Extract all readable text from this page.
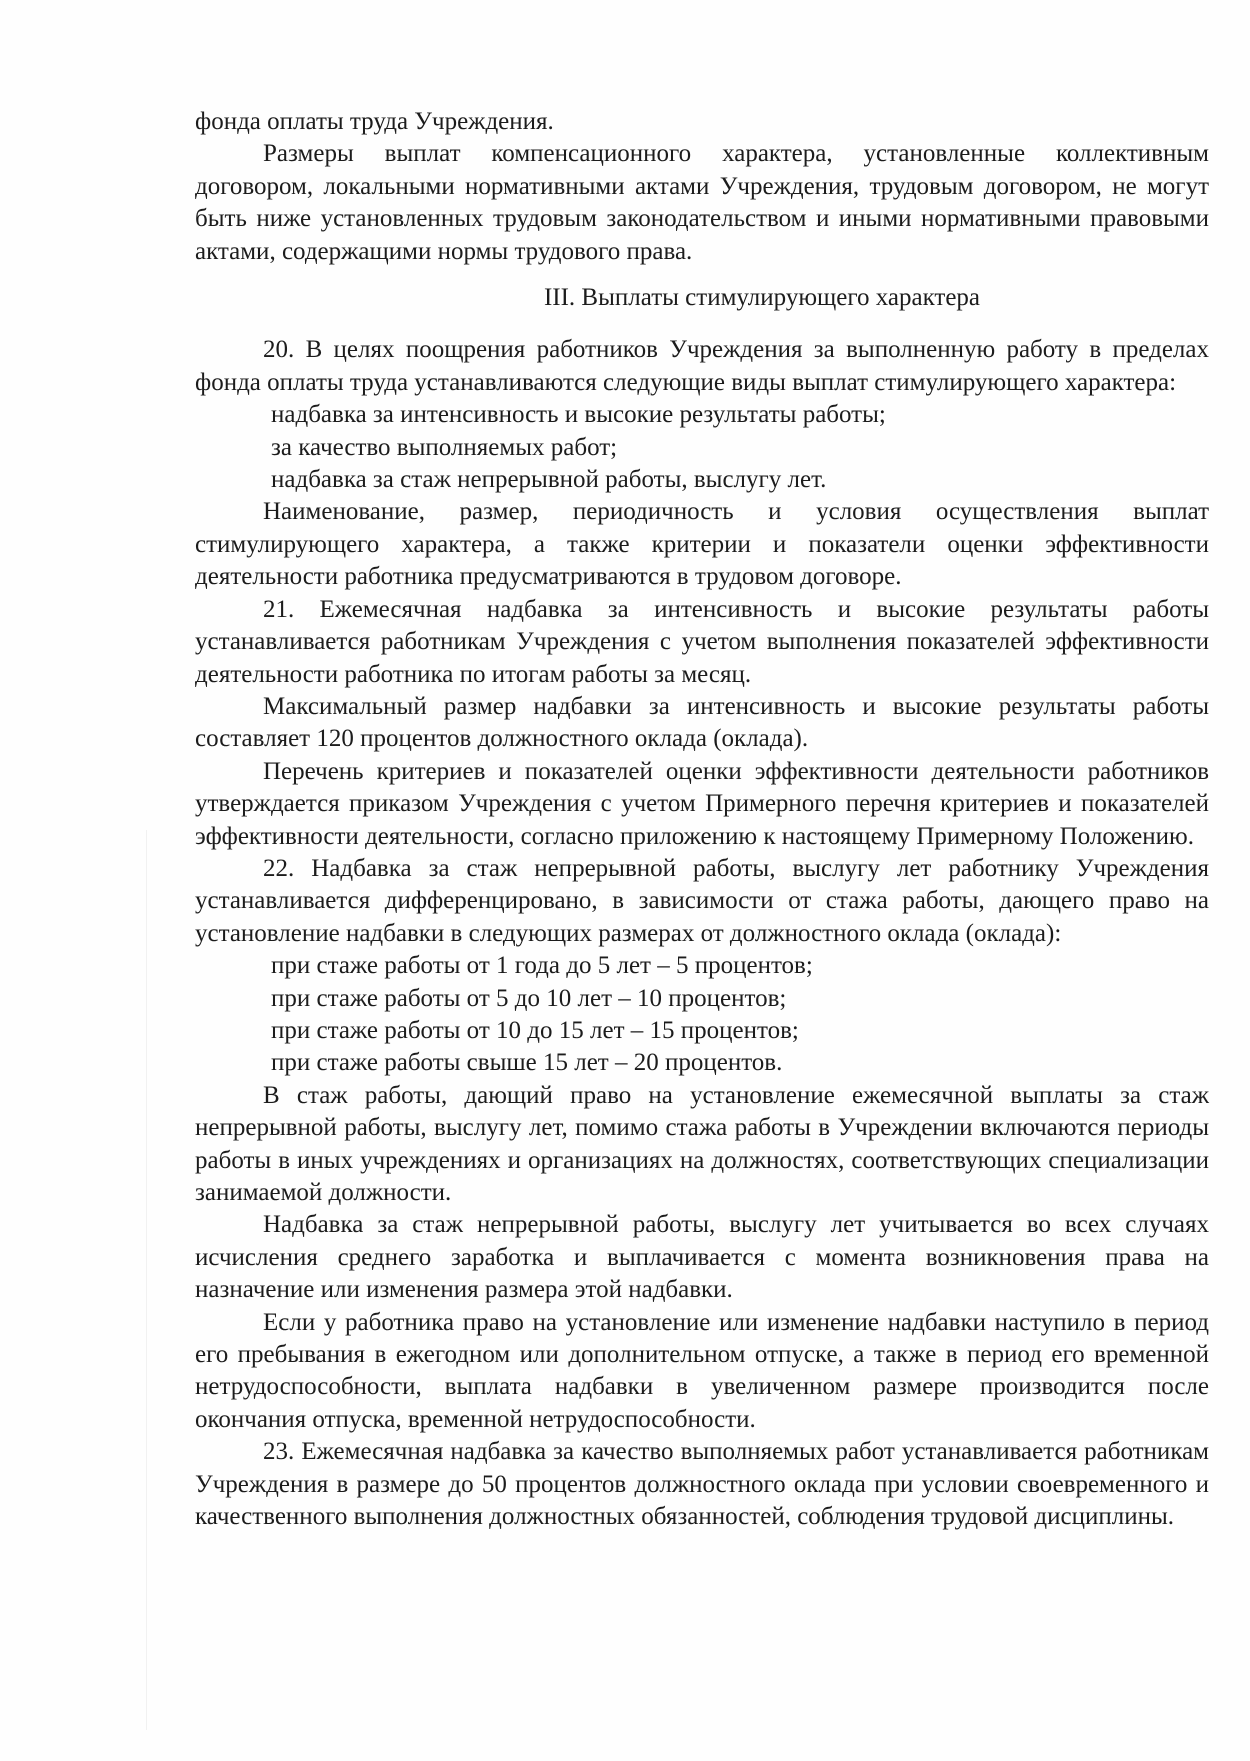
фонда оплаты труда Учреждения.

Размеры выплат компенсационного характера, установленные коллективным договором, локальными нормативными актами Учреждения, трудовым договором, не могут быть ниже установленных трудовым законодательством и иными нормативными правовыми актами, содержащими нормы трудового права.

III. Выплаты стимулирующего характера

20. В целях поощрения работников Учреждения за выполненную работу в пределах фонда оплаты труда устанавливаются следующие виды выплат стимулирующего характера:

надбавка за интенсивность и высокие результаты работы;

за качество выполняемых работ;

надбавка за стаж непрерывной работы, выслугу лет.

Наименование, размер, периодичность и условия осуществления выплат стимулирующего характера, а также критерии и показатели оценки эффективности деятельности работника предусматриваются в трудовом договоре.

21. Ежемесячная надбавка за интенсивность и высокие результаты работы устанавливается работникам Учреждения с учетом выполнения показателей эффективности деятельности работника по итогам работы за месяц.

Максимальный размер надбавки за интенсивность и высокие результаты работы составляет 120 процентов должностного оклада (оклада).

Перечень критериев и показателей оценки эффективности деятельности работников утверждается приказом Учреждения с учетом Примерного перечня критериев и показателей эффективности деятельности, согласно приложению к настоящему Примерному Положению.

22. Надбавка за стаж непрерывной работы, выслугу лет работнику Учреждения устанавливается дифференцировано, в зависимости от стажа работы, дающего право на установление надбавки в следующих размерах от должностного оклада (оклада):

при стаже работы от 1 года до 5 лет – 5 процентов;

при стаже работы от 5 до 10 лет – 10 процентов;

при стаже работы от 10 до 15 лет – 15 процентов;

при стаже работы свыше 15 лет – 20 процентов.

В стаж работы, дающий право на установление ежемесячной выплаты за стаж непрерывной работы, выслугу лет, помимо стажа работы в Учреждении включаются периоды работы в иных учреждениях и организациях на должностях, соответствующих специализации занимаемой должности.

Надбавка за стаж непрерывной работы, выслугу лет учитывается во всех случаях исчисления среднего заработка и выплачивается с момента возникновения права на назначение или изменения размера этой надбавки.

Если у работника право на установление или изменение надбавки наступило в период его пребывания в ежегодном или дополнительном отпуске, а также в период его временной нетрудоспособности, выплата надбавки в увеличенном размере производится после окончания отпуска, временной нетрудоспособности.

23. Ежемесячная надбавка за качество выполняемых работ устанавливается работникам Учреждения в размере до 50 процентов должностного оклада при условии своевременного и качественного выполнения должностных обязанностей, соблюдения трудовой дисциплины.
